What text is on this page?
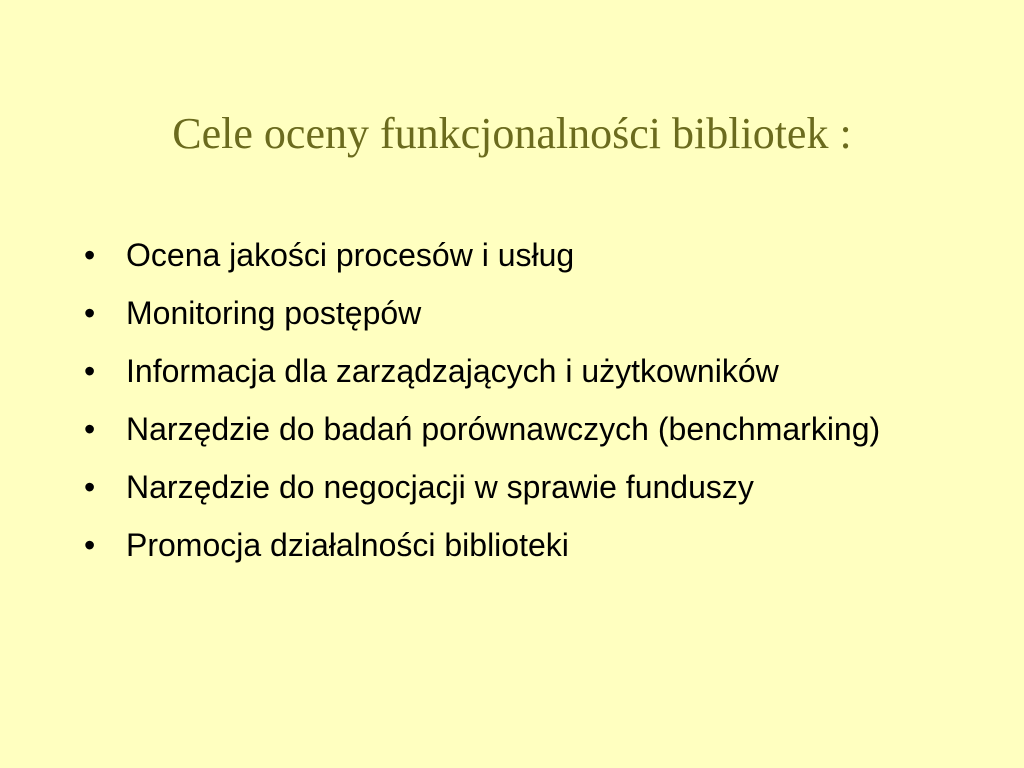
Cele oceny funkcjonalności bibliotek :
• Ocena jakości procesów i usług
• Monitoring postępów
• Informacja dla zarządzających i użytkowników
• Narzędzie do badań porównawczych (benchmarking)
• Narzędzie do negocjacji w sprawie funduszy
• Promocja działalności biblioteki
